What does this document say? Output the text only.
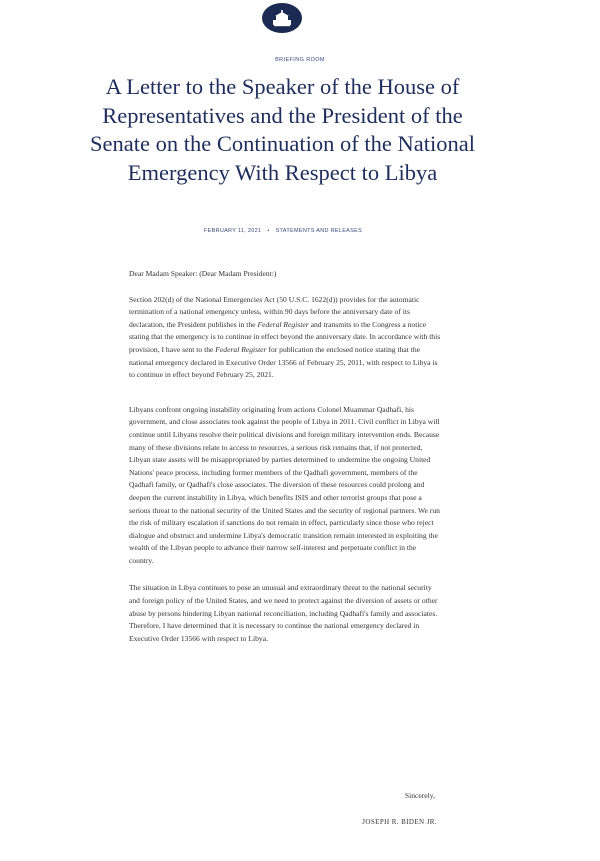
BRIEFING ROOM
A Letter to the Speaker of the House of Representatives and the President of the Senate on the Continuation of the National Emergency With Respect to Libya
FEBRUARY 11, 2021 • STATEMENTS AND RELEASES

Dear Madam Speaker: (Dear Madam President:)

Section 202(d) of the National Emergencies Act (50 U.S.C. 1622(d)) provides for the automatic termination of a national emergency unless, within 90 days before the anniversary date of its declaration, the President publishes in the Federal Register and transmits to the Congress a notice stating that the emergency is to continue in effect beyond the anniversary date. In accordance with this provision, I have sent to the Federal Register for publication the enclosed notice stating that the national emergency declared in Executive Order 13566 of February 25, 2011, with respect to Libya is to continue in effect beyond February 25, 2021.

Libyans confront ongoing instability originating from actions Colonel Muammar Qadhafi, his government, and close associates took against the people of Libya in 2011. Civil conflict in Libya will continue until Libyans resolve their political divisions and foreign military intervention ends. Because many of these divisions relate to access to resources, a serious risk remains that, if not protected, Libyan state assets will be misappropriated by parties determined to undermine the ongoing United Nations' peace process, including former members of the Qadhafi government, members of the Qadhafi family, or Qadhafi's close associates. The diversion of these resources could prolong and deepen the current instability in Libya, which benefits ISIS and other terrorist groups that pose a serious threat to the national security of the United States and the security of regional partners. We run the risk of military escalation if sanctions do not remain in effect, particularly since those who reject dialogue and obstruct and undermine Libya's democratic transition remain interested in exploiting the wealth of the Libyan people to advance their narrow self-interest and perpetuate conflict in the country.

The situation in Libya continues to pose an unusual and extraordinary threat to the national security and foreign policy of the United States, and we need to protect against the diversion of assets or other abuse by persons hindering Libyan national reconciliation, including Qadhafi's family and associates. Therefore, I have determined that it is necessary to continue the national emergency declared in Executive Order 13566 with respect to Libya.

Sincerely,
JOSEPH R. BIDEN JR.
